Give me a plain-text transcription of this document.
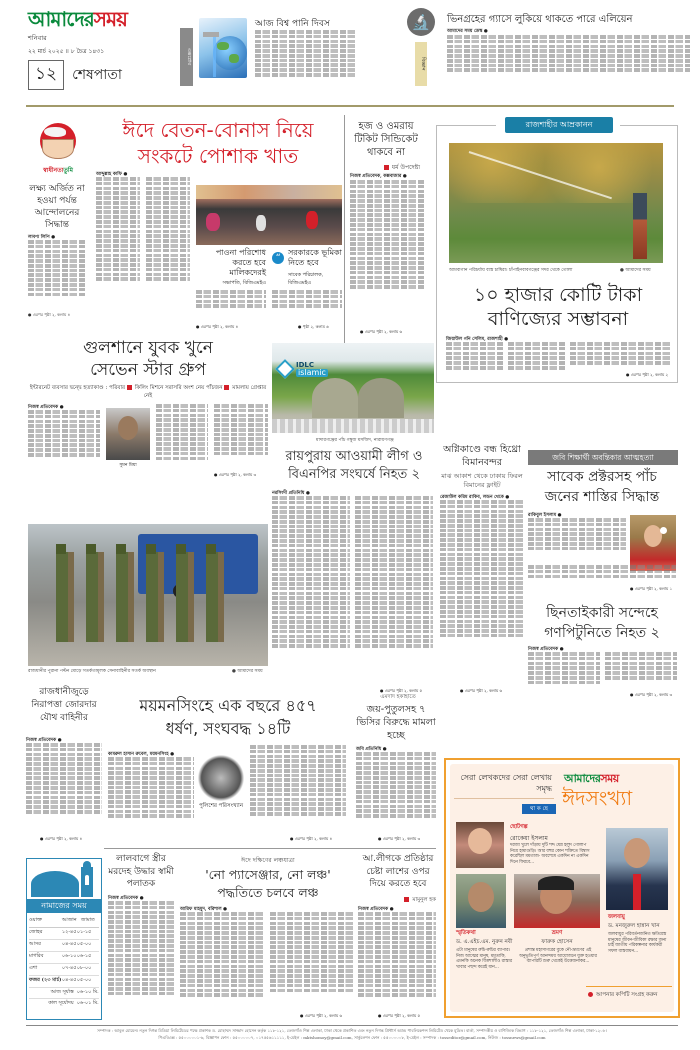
আমাদেরসময়
শনিবার
২২ মার্চ ২০২৫ ॥ ৮ চৈত্র ১৪৩১
১২	শেষপাতা
এক্সপ্লোর
আজ বিশ্ব পানি দিবস	🔬
বিজ্ঞান
ভিনগ্রহের গ্যাসে লুকিয়ে থাকতে পারে এলিয়েন
আমাদের সময় ডেস্ক ●
স্বাধীনতাতুমি
লক্ষ্য অর্জিত না হওয়া পর্যন্ত আন্দোলনের সিদ্ধান্ত
লাবণ্য লিপি ●
● এরপর পৃষ্ঠা ২, কলাম ৪
ঈদে বেতন-বোনাস নিয়ে
সংকটে পোশাক খাত
আব্দুল্লাহ কাফি ●
পাওনা পরিশোধ করতে হবে মালিকদেরই
“
সরকারকে ভূমিকা নিতে হবে
সভাপতি, বিজিএমইএ
সাবেক পরিচালক, বিজিএমইএ
● এরপর পৃষ্ঠা ২, কলাম ৪	● পৃষ্ঠা ২, কলাম ৬
হজ ও ওমরায় টিকিট সিন্ডিকেট থাকবে না
ধর্ম উপদেষ্টা
নিজস্ব প্রতিবেদক, কক্সবাজার ●
● এরপর পৃষ্ঠা ২, কলাম ৬
রাজশাহীর আম্রকানন
আমবাগান পরিচর্যায় ব্যস্ত চাষিরা। চাঁপাইনবাবগঞ্জের সদর থেকে তোলা	● আমাদের সময়
১০ হাজার কোটি টাকা
বাণিজ্যের সম্ভাবনা
জিয়াউল গনি সেলিম, রাজশাহী ●
● এরপর পৃষ্ঠা ২, কলাম ২
গুলশানে যুবক খুনে
সেভেন স্টার গ্রুপ
ইন্টারনেট ব্যবসার দ্বন্দ্বে হত্যাকাণ্ড : পরিবার কিলিং মিশনে সরাসরি অংশ নেয় পাঁচজন মামলায় গ্রেপ্তার নেই
নিজস্ব প্রতিবেদক ●
সুমন মিয়া
● এরপর পৃষ্ঠা ২, কলাম ৩
IDLC
islamic
মাদারগঞ্জের পাঁচ গম্বুজ মসজিদ, নারায়ণগঞ্জ
রাজধানীর পুরানা পল্টন মোড়ে সতর্কতামূলক সেনাবাহিনীর সতর্ক অবস্থান	● আমাদের সময়
রায়পুরায় আওয়ামী লীগ ও
বিএনপির সংঘর্ষে নিহত ২
নরসিংদী প্রতিনিধি ●
● এরপর পৃষ্ঠা ২, কলাম ৫
অগ্নিকাণ্ডে বন্ধ হিথ্রো বিমানবন্দর
মাঝ আকাশ থেকে ঢাকায় ফিরল বিমানের ফ্লাইট
রেজাউল করিম রাকিব, লন্ডন থেকে ●
● এরপর পৃষ্ঠা ২, কলাম ৬
জবি শিক্ষার্থী অবন্তিকার আত্মহত্যা
সাবেক প্রক্টরসহ পাঁচ
জনের শাস্তির সিদ্ধান্ত
রাকিবুল ইসলাম ●
● এরপর পৃষ্ঠা ২, কলাম ১
ছিনতাইকারী সন্দেহে
গণপিটুনিতে নিহত ২
নিজস্ব প্রতিবেদক ●
● এরপর পৃষ্ঠা ২, কলাম ৩
রাজধানীজুড়ে নিরাপত্তা জোরদার যৌথ বাহিনীর
নিজস্ব প্রতিবেদক ●
● এরপর পৃষ্ঠা ২, কলাম ৪
ময়মনসিংহে এক বছরে ৪৫৭
ধর্ষণ, সংঘবদ্ধ ১৪টি
কামরুল হাসান রুবেল, ময়মনসিংহ ●
পুলিশের পরিসংখ্যান
● এরপর পৃষ্ঠা ২, কলাম ৪
এমদাদ হকাহাতে
জয়-পুতুলসহ ৭ ভিসির বিরুদ্ধে মামলা হচ্ছে
জবি প্রতিনিধি ●
● এরপর পৃষ্ঠা ২, কলাম ৩
নামাজের সময়
ওয়াক্ত	আজান	জামাত
জোহর	১২-৪৫	০১-১৫
আসর	০৪-৪৫	০৫-০০
মাগরিব	০৬-১০	০৬-১৫
এশা	০৭-৪৫	০৮-০০
ফজর (২৩ মার্চ)	০৪-৪৫	০৫-০০
আজ সূর্যাস্ত		০৬-১০ মি.
কাল সূর্যোদয়		০৬-০১ মি.
লালবাগে স্ত্রীর মরদেহ উদ্ধার স্বামী পলাতক
নিজস্ব প্রতিবেদক ●
ঈদে দক্ষিণের লঞ্চযাত্রা
'নো প্যাসেঞ্জার, নো লঞ্চ'
পদ্ধতিতে চলবে লঞ্চ
আরিফ মাহমুদ, বরিশাল ●
● এরপর পৃষ্ঠা ২, কলাম ৬
আ.লীগকে প্রতিষ্ঠার চেষ্টা লাশের ওপর দিয়ে করতে হবে
মামুনুল হক
নিজস্ব প্রতিবেদক ●
● এরপর পৃষ্ঠা ২, কলাম ৫
সেরা লেখকদের সেরা লেখায় সমৃদ্ধ
থা ক ছে
আমাদেরসময়
ঈদসংখ্যা
ছোটগল্প
রোকেয়া ইসলাম
দরজা খুলে দাঁড়ায় দুটি শব্দ যেন্ন হলুদ গোলাপ নিয়ে হামাগুড়ি। আর বহুর কোন শক্তিতে বিশ্বাস করেছিল মমতাজ- অবশেষে একদিন না একদিন দিনে ফিরবে...
জলবায়ু
ড. মনজুরুল হান্নান খান
জলবায়ুর পরিবর্তনজনিত ক্ষতিগ্রস্ত মানুষের জীবন-জীবিকা রক্ষার জন্য চাই জাতীয় পরিকল্পনার কার্যকরী সফল বাস্তবায়ন...
স্মৃতিকথা
ড. এ.এইচ.এম. নুরুন নবী
এটা মানুষের রুচি-রুচির ব্যাপার। নিজ আত্মের মানুষ, মমতাকি, এমনকি অনেক বিত্তশালীও রাস্তার খাবার পছন্দ করেই যান...
ভ্রমণ
ফারুক হোসেন
প্রশান্ত মহাসাগরের বুকে নৌ-ভ্রমণের এই অনুভূতিপূর্ণ আনন্দময় আয়োজনে যুক্ত হওয়ার ব্যাপারটি শুরু থেকেই উত্তেজনাকর...
আপনার কপিটি সংগ্রহ করুন
সম্পাদক : আবুল মোমেন। নতুন দিগন্ত মিডিয়া লিমিটেডের পক্ষে প্রকাশক ড. মোহাম্মদ সাজ্জাদ হোসেন কর্তৃক ১১৮-১২১, তেজগাঁও শিল্প এলাকা, ঢাকা থেকে প্রকাশিত এবং নতুন দিগন্ত প্রিন্টার্স অ্যান্ড পাবলিকেশন্স লিমিটেড থেকে মুদ্রিত। বার্তা, সম্পাদকীয় ও বাণিজ্যিক বিভাগ : ১১৮-১২১, তেজগাঁও শিল্প এলাকা, ঢাকা-১২০৮।
পিএবিএক্স : ৫৫০০০০০১-৬, বিজ্ঞাপন ফোন : ৫৫০০০০০৭, ০১৭৫৫৬১১১১১, ই-মেইল : mktshomoy@gmail.com, সার্কুলেশন ফোন : ৫৫০০০০০৮, ই-মেইল : সম্পাদক : tosseditor@gmail.com, নিউজ : tossnews@gmail.com
